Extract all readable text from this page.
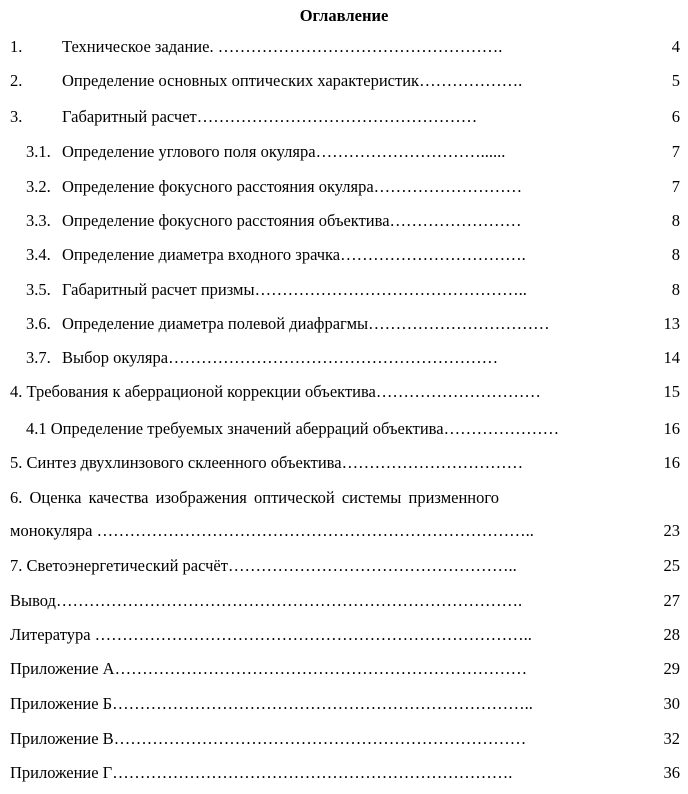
Оглавление
1. Техническое задание. …………………………………………….	4
2. Определение основных оптических характеристик……………….	5
3. Габаритный расчет……………………………………………	6
3.1. Определение углового поля окуляра…………………………......	7
3.2. Определение фокусного расстояния окуляра………………………	7
3.3. Определение фокусного расстояния объектива……………………	8
3.4. Определение диаметра входного зрачка…………………………….	8
3.5. Габаритный расчет призмы…………………………………………..	8
3.6. Определение диаметра полевой диафрагмы……………………………	13
3.7. Выбор окуляра……………………………………………………	14
4. Требования к аберрационой коррекции объектива…………………………	15
4.1 Определение требуемых значений аберраций объектива…………………	16
5. Синтез двухлинзового склеенного объектива……………………………	16
6. Оценка качества изображения оптической системы призменного
монокуляра ……………………………………………………………………..	23
7. Светоэнергетический расчёт……………………………………………..	25
Вывод………………………………………………………………………….	27
Литература ……………………………………………………………………..	28
Приложение А…………………………………………………………………	29
Приложение Б…………………………………………………………………..	30
Приложение В…………………………………………………………………	32
Приложение Г……………………………………………………………….	36
